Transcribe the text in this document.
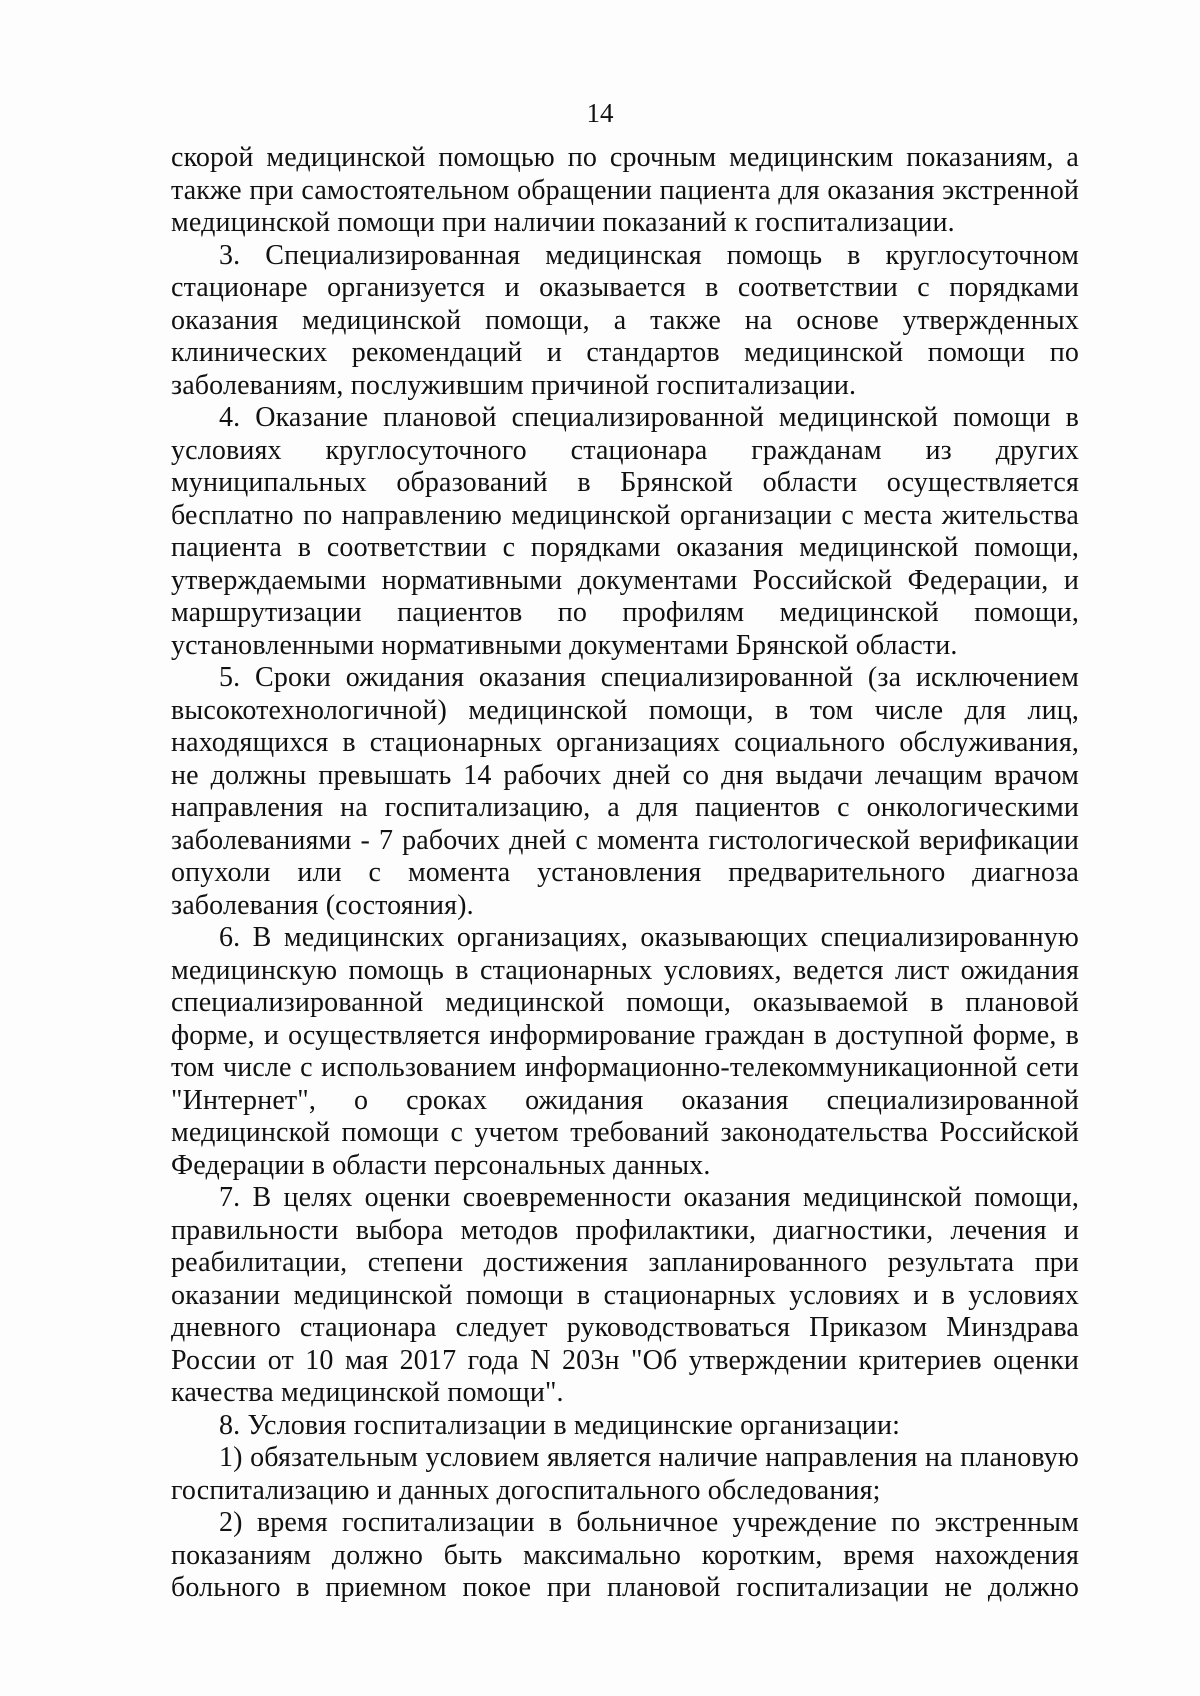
14

скорой медицинской помощью по срочным медицинским показаниям, а также при самостоятельном обращении пациента для оказания экстренной медицинской помощи при наличии показаний к госпитализации.

3. Специализированная медицинская помощь в круглосуточном стационаре организуется и оказывается в соответствии с порядками оказания медицинской помощи, а также на основе утвержденных клинических рекомендаций и стандартов медицинской помощи по заболеваниям, послужившим причиной госпитализации.

4. Оказание плановой специализированной медицинской помощи в условиях круглосуточного стационара гражданам из других муниципальных образований в Брянской области осуществляется бесплатно по направлению медицинской организации с места жительства пациента в соответствии с порядками оказания медицинской помощи, утверждаемыми нормативными документами Российской Федерации, и маршрутизации пациентов по профилям медицинской помощи, установленными нормативными документами Брянской области.

5. Сроки ожидания оказания специализированной (за исключением высокотехнологичной) медицинской помощи, в том числе для лиц, находящихся в стационарных организациях социального обслуживания, не должны превышать 14 рабочих дней со дня выдачи лечащим врачом направления на госпитализацию, а для пациентов с онкологическими заболеваниями - 7 рабочих дней с момента гистологической верификации опухоли или с момента установления предварительного диагноза заболевания (состояния).

6. В медицинских организациях, оказывающих специализированную медицинскую помощь в стационарных условиях, ведется лист ожидания специализированной медицинской помощи, оказываемой в плановой форме, и осуществляется информирование граждан в доступной форме, в том числе с использованием информационно-телекоммуникационной сети "Интернет", о сроках ожидания оказания специализированной медицинской помощи с учетом требований законодательства Российской Федерации в области персональных данных.

7. В целях оценки своевременности оказания медицинской помощи, правильности выбора методов профилактики, диагностики, лечения и реабилитации, степени достижения запланированного результата при оказании медицинской помощи в стационарных условиях и в условиях дневного стационара следует руководствоваться Приказом Минздрава России от 10 мая 2017 года N 203н "Об утверждении критериев оценки качества медицинской помощи".

8. Условия госпитализации в медицинские организации:

1) обязательным условием является наличие направления на плановую госпитализацию и данных догоспитального обследования;

2) время госпитализации в больничное учреждение по экстренным показаниям должно быть максимально коротким, время нахождения больного в приемном покое при плановой госпитализации не должно
